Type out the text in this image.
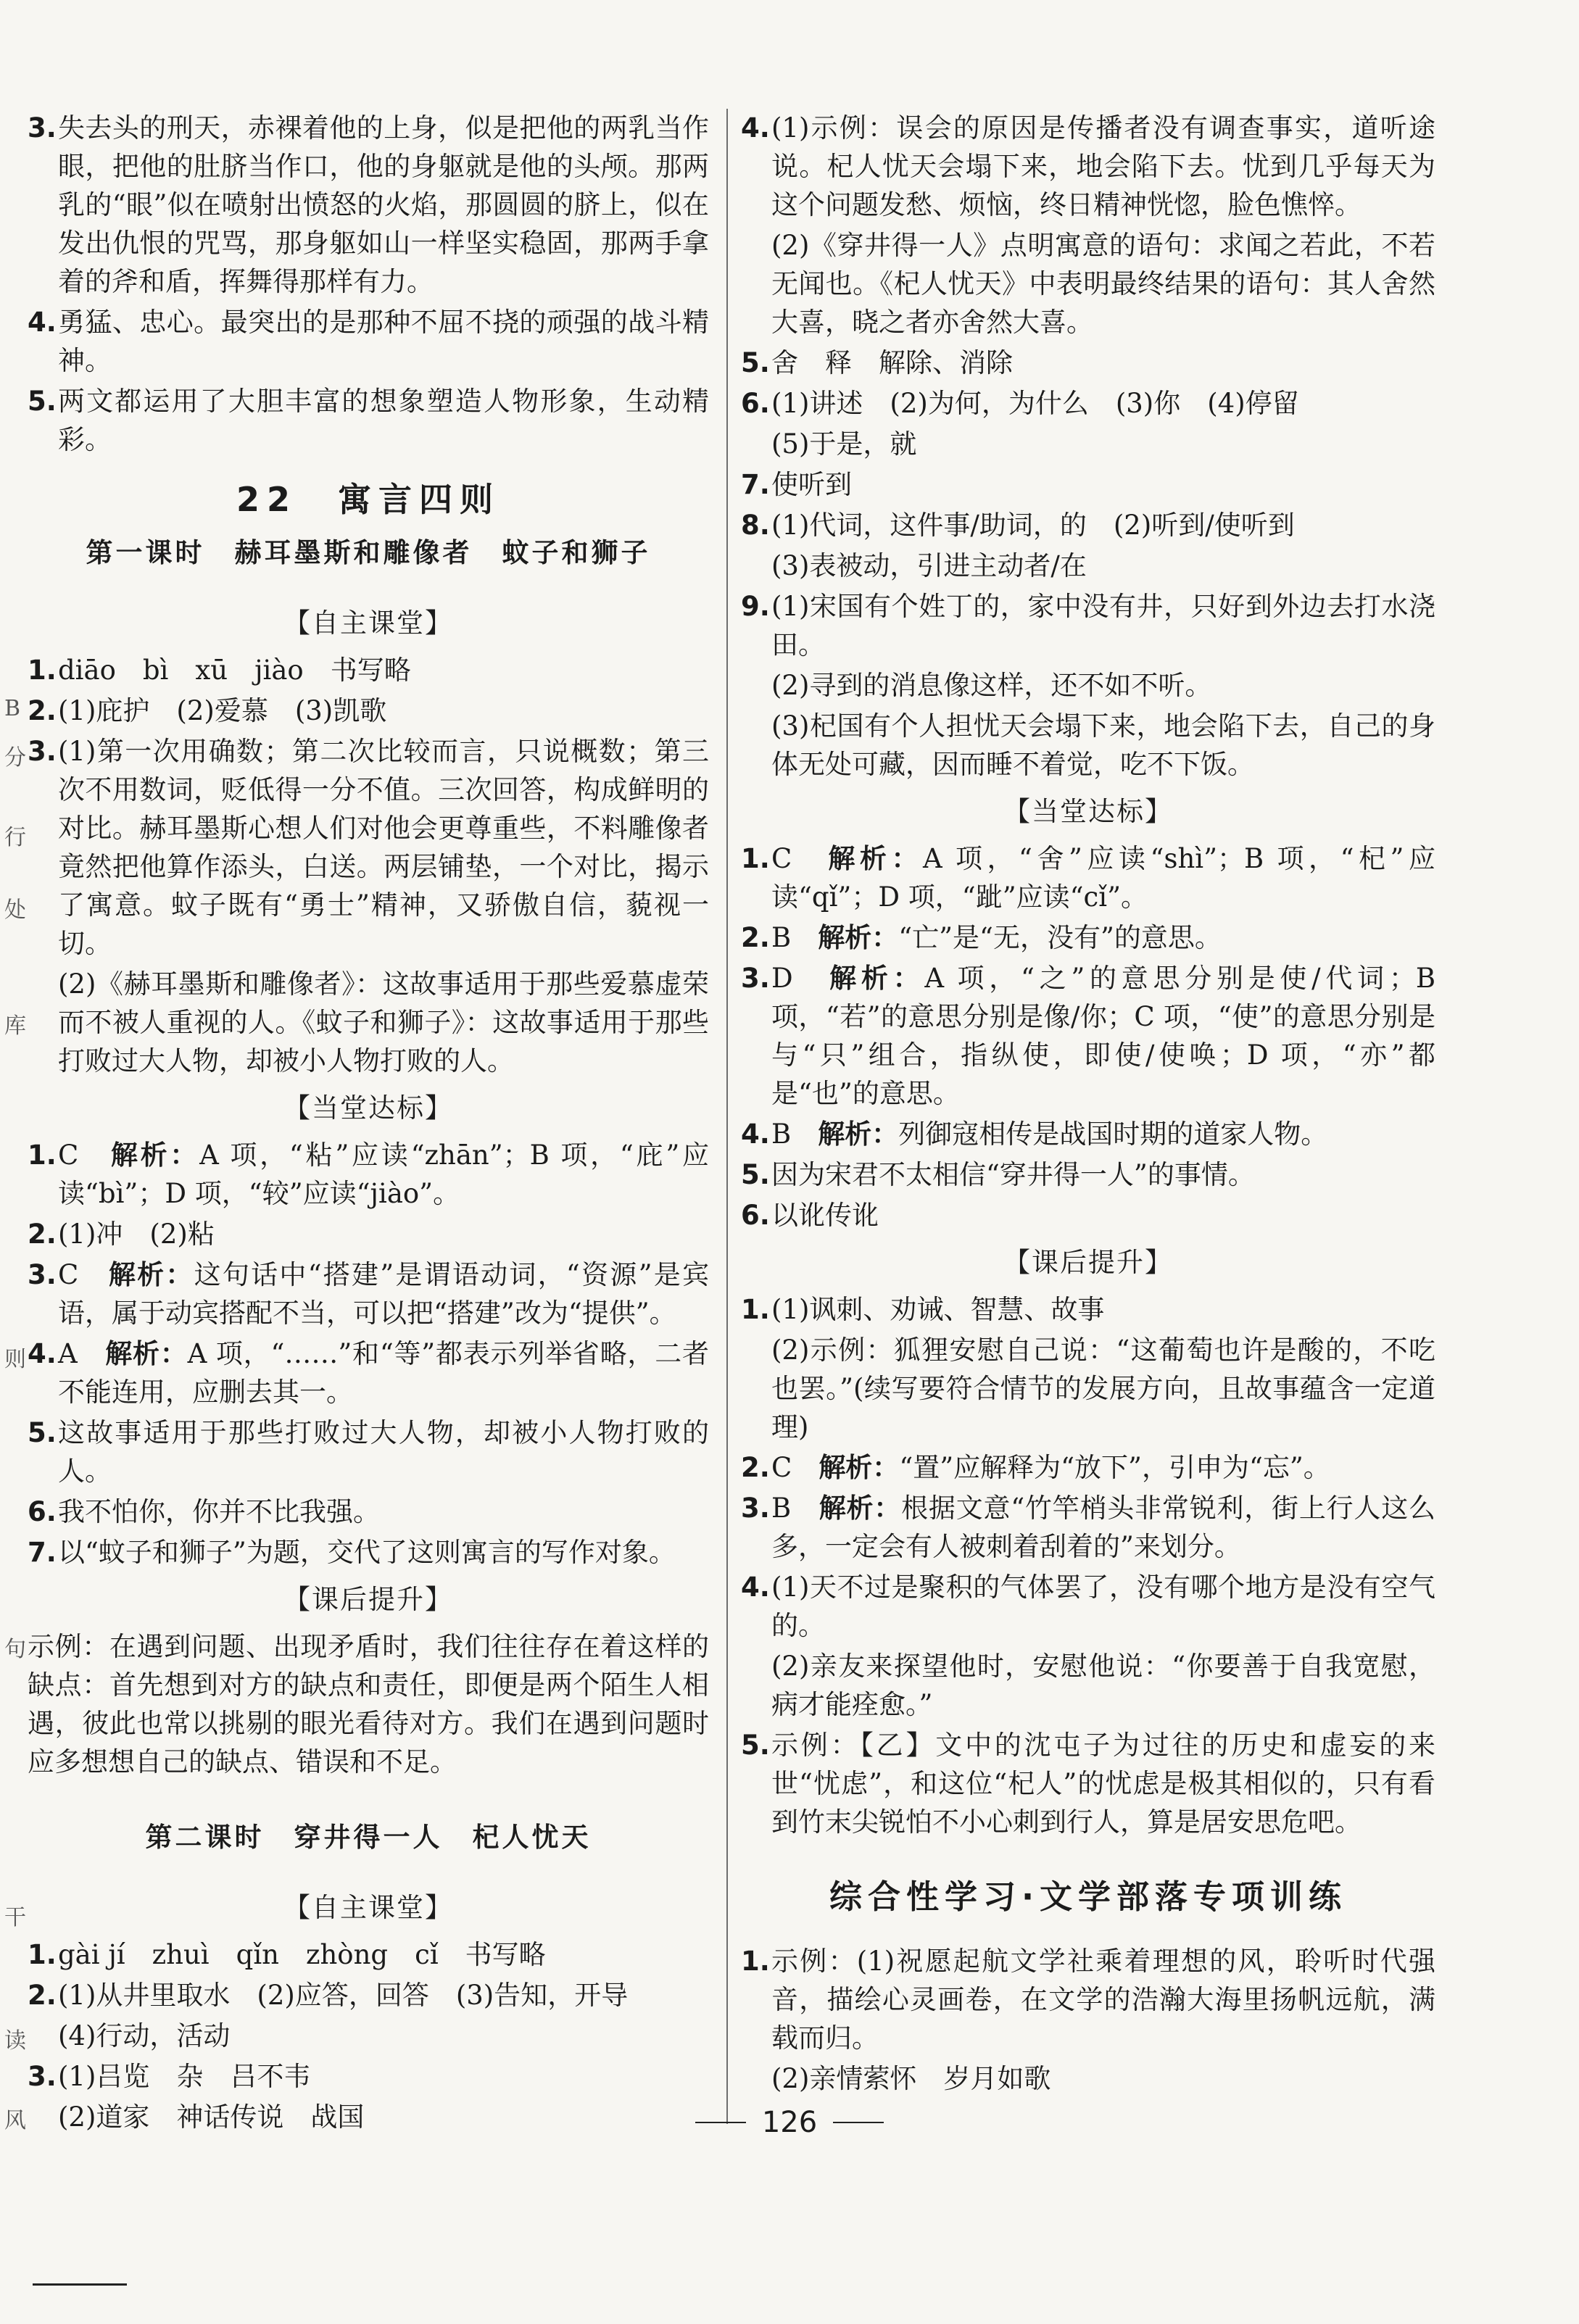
B
分
行
处
库
则
句
干
读
风
3. 失去头的刑天，赤裸着他的上身，似是把他的两乳当作眼，把他的肚脐当作口，他的身躯就是他的头颅。那两乳的“眼”似在喷射出愤怒的火焰，那圆圆的脐上，似在发出仇恨的咒骂，那身躯如山一样坚实稳固，那两手拿着的斧和盾，挥舞得那样有力。
4. 勇猛、忠心。最突出的是那种不屈不挠的顽强的战斗精神。
5. 两文都运用了大胆丰富的想象塑造人物形象，生动精彩。
22　寓言四则
第一课时　赫耳墨斯和雕像者　蚊子和狮子
【自主课堂】
1. diāo　bì　xū　jiào　书写略
2. (1)庇护　(2)爱慕　(3)凯歌
3. (1)第一次用确数；第二次比较而言，只说概数；第三次不用数词，贬低得一分不值。三次回答，构成鲜明的对比。赫耳墨斯心想人们对他会更尊重些，不料雕像者竟然把他算作添头，白送。两层铺垫，一个对比，揭示了寓意。蚊子既有“勇士”精神，又骄傲自信，藐视一切。
(2)《赫耳墨斯和雕像者》：这故事适用于那些爱慕虚荣而不被人重视的人。《蚊子和狮子》：这故事适用于那些打败过大人物，却被小人物打败的人。
【当堂达标】
1. C　解析：A 项，“粘”应读“zhān”；B 项，“庇”应读“bì”；D 项，“较”应读“jiào”。
2. (1)冲　(2)粘
3. C　解析：这句话中“搭建”是谓语动词，“资源”是宾语，属于动宾搭配不当，可以把“搭建”改为“提供”。
4. A　解析：A 项，“……”和“等”都表示列举省略，二者不能连用，应删去其一。
5. 这故事适用于那些打败过大人物，却被小人物打败的人。
6. 我不怕你，你并不比我强。
7. 以“蚊子和狮子”为题，交代了这则寓言的写作对象。
【课后提升】
示例：在遇到问题、出现矛盾时，我们往往存在着这样的缺点：首先想到对方的缺点和责任，即便是两个陌生人相遇，彼此也常以挑剔的眼光看待对方。我们在遇到问题时应多想想自己的缺点、错误和不足。
第二课时　穿井得一人　杞人忧天
【自主课堂】
1. gài jí　zhuì　qǐn　zhòng　cǐ　书写略
2. (1)从井里取水　(2)应答，回答　(3)告知，开导
(4)行动，活动
3. (1)吕览　杂　吕不韦
(2)道家　神话传说　战国
4. (1)示例：误会的原因是传播者没有调查事实，道听途说。杞人忧天会塌下来，地会陷下去。忧到几乎每天为这个问题发愁、烦恼，终日精神恍惚，脸色憔悴。
(2)《穿井得一人》点明寓意的语句：求闻之若此，不若无闻也。《杞人忧天》中表明最终结果的语句：其人舍然大喜，晓之者亦舍然大喜。
5. 舍　释　解除、消除
6. (1)讲述　(2)为何，为什么　(3)你　(4)停留
(5)于是，就
7. 使听到
8. (1)代词，这件事/助词，的　(2)听到/使听到
(3)表被动，引进主动者/在
9. (1)宋国有个姓丁的，家中没有井，只好到外边去打水浇田。
(2)寻到的消息像这样，还不如不听。
(3)杞国有个人担忧天会塌下来，地会陷下去，自己的身体无处可藏，因而睡不着觉，吃不下饭。
【当堂达标】
1. C　解析：A 项，“舍”应读“shì”；B 项，“杞”应读“qǐ”；D 项，“跐”应读“cǐ”。
2. B　解析：“亡”是“无，没有”的意思。
3. D　解析：A 项，“之”的意思分别是使/代词；B 项，“若”的意思分别是像/你；C 项，“使”的意思分别是与“只”组合，指纵使，即使/使唤；D 项，“亦”都是“也”的意思。
4. B　解析：列御寇相传是战国时期的道家人物。
5. 因为宋君不太相信“穿井得一人”的事情。
6. 以讹传讹
【课后提升】
1. (1)讽刺、劝诫、智慧、故事
(2)示例：狐狸安慰自己说：“这葡萄也许是酸的，不吃也罢。”(续写要符合情节的发展方向，且故事蕴含一定道理)
2. C　解析：“置”应解释为“放下”，引申为“忘”。
3. B　解析：根据文意“竹竿梢头非常锐利，街上行人这么多，一定会有人被刺着刮着的”来划分。
4. (1)天不过是聚积的气体罢了，没有哪个地方是没有空气的。
(2)亲友来探望他时，安慰他说：“你要善于自我宽慰，病才能痊愈。”
5. 示例：【乙】文中的沈屯子为过往的历史和虚妄的来世“忧虑”，和这位“杞人”的忧虑是极其相似的，只有看到竹末尖锐怕不小心刺到行人，算是居安思危吧。
综合性学习·文学部落专项训练
1. 示例：(1)祝愿起航文学社乘着理想的风，聆听时代强音，描绘心灵画卷，在文学的浩瀚大海里扬帆远航，满载而归。
(2)亲情萦怀　岁月如歌
126
